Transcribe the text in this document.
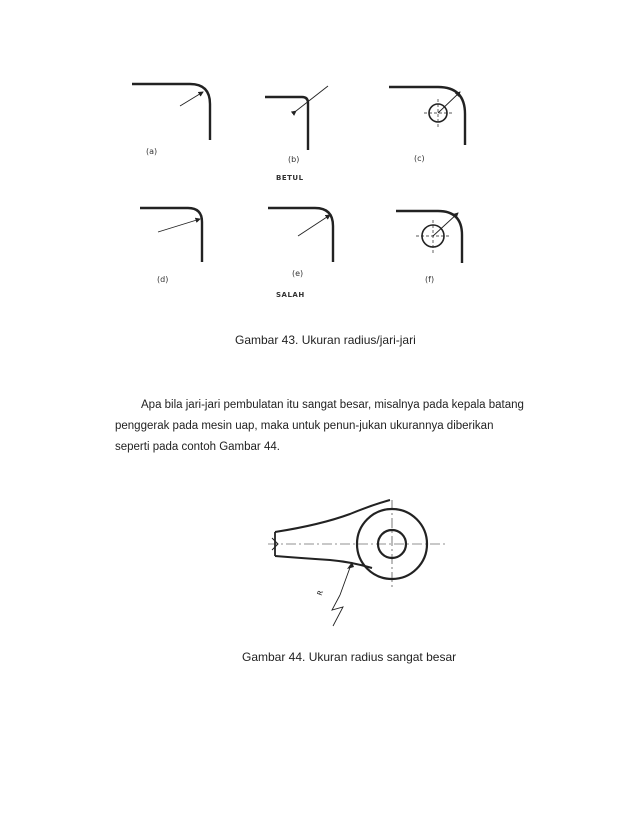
(a)
(b)	(c)
BETUL
(d)
(e)
(f)
SALAH
Gambar 43. Ukuran radius/jari-jari
Apa bila jari-jari pembulatan itu sangat besar, misalnya pada kepala batang
penggerak pada mesin uap, maka untuk penun-jukan ukurannya diberikan
seperti pada contoh Gambar 44.
R
Gambar 44. Ukuran radius sangat besar
